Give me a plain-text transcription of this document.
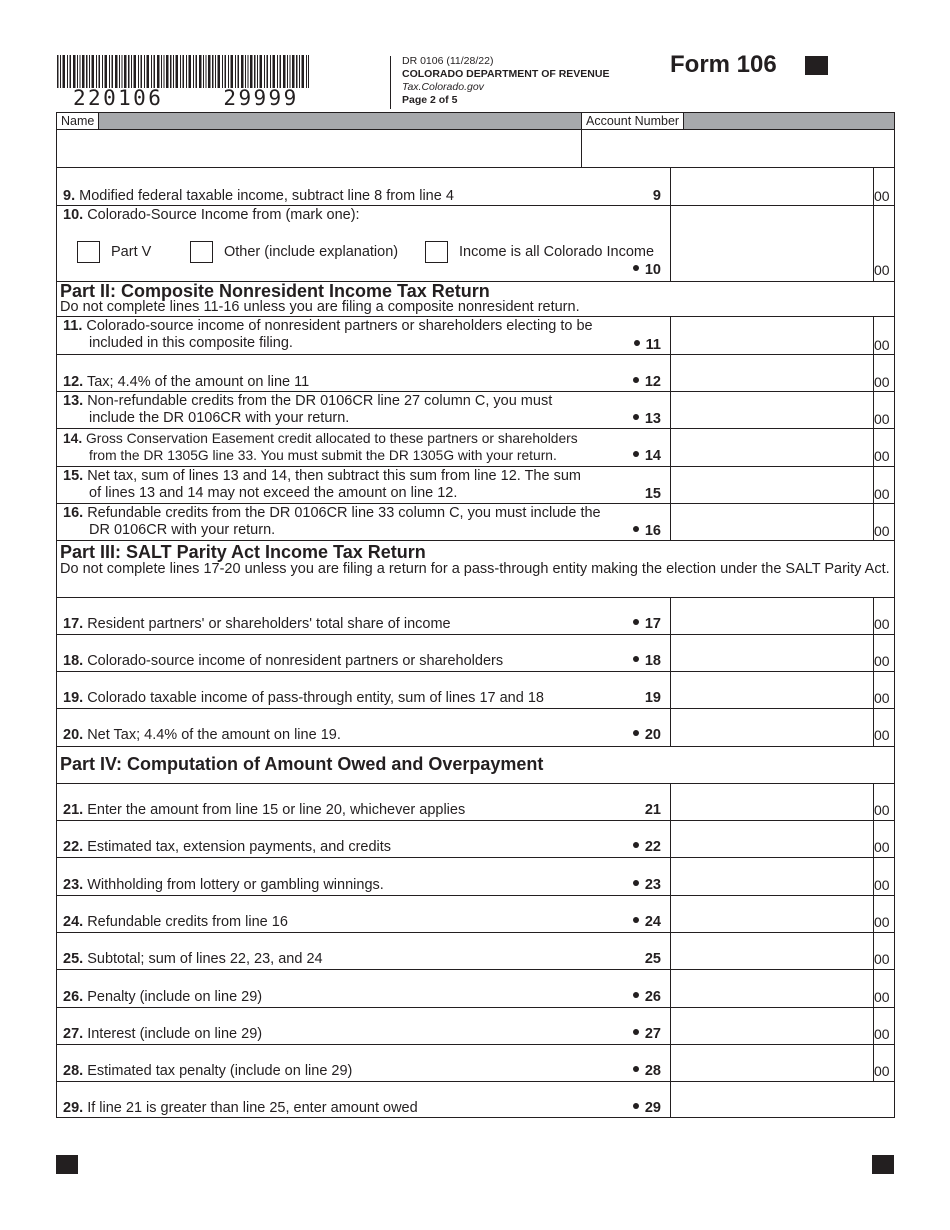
220106    29999
DR 0106 (11/28/22)
COLORADO DEPARTMENT OF REVENUE
Tax.Colorado.gov
Page 2 of 5
Form 106
Name	Account Number
9. Modified federal taxable income, subtract line 8 from line 4	9	00
10. Colorado-Source Income from (mark one):
Part V	Other (include explanation)	Income is all Colorado Income
10	00
Part II: Composite Nonresident Income Tax Return
Do not complete lines 11-16 unless you are filing a composite nonresident return.
11. Colorado-source income of nonresident partners or shareholders electing to be
included in this composite filing.	11	00
12. Tax; 4.4% of the amount on line 11	12	00
13. Non-refundable credits from the DR 0106CR line 27 column C, you must
include the DR 0106CR with your return.	13	00
14. Gross Conservation Easement credit allocated to these partners or shareholders
from the DR 1305G line 33. You must submit the DR 1305G with your return.	14	00
15. Net tax, sum of lines 13 and 14, then subtract this sum from line 12. The sum
of lines 13 and 14 may not exceed the amount on line 12.	15	00
16. Refundable credits from the DR 0106CR line 33 column C, you must include the
DR 0106CR with your return.	16	00
Part III: SALT Parity Act Income Tax Return
Do not complete lines 17-20 unless you are filing a return for a pass-through entity making the election under the SALT Parity Act.
17. Resident partners' or shareholders' total share of income	17	00
18. Colorado-source income of nonresident partners or shareholders	18	00
19. Colorado taxable income of pass-through entity, sum of lines 17 and 18	19	00
20. Net Tax; 4.4% of the amount on line 19.	20	00
Part IV: Computation of Amount Owed and Overpayment
21. Enter the amount from line 15 or line 20, whichever applies	21	00
22. Estimated tax, extension payments, and credits	22	00
23. Withholding from lottery or gambling winnings.	23	00
24. Refundable credits from line 16	24	00
25. Subtotal; sum of lines 22, 23, and 24	25	00
26. Penalty (include on line 29)	26	00
27. Interest (include on line 29)	27	00
28. Estimated tax penalty (include on line 29)	28	00
29. If line 21 is greater than line 25, enter amount owed	29
